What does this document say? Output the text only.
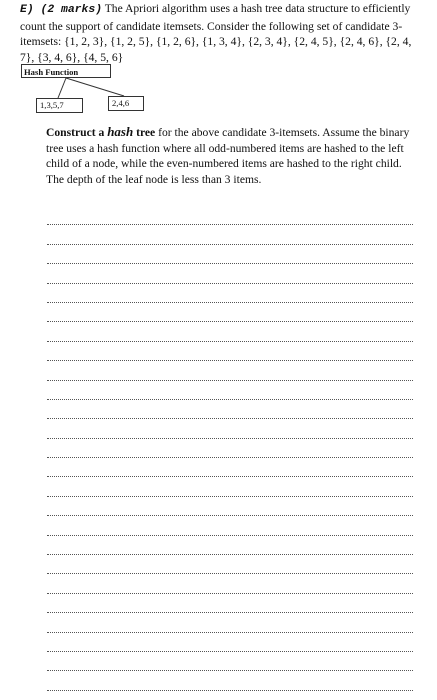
E) (2 marks) The Apriori algorithm uses a hash tree data structure to efficiently count the support of candidate itemsets. Consider the following set of candidate 3-itemsets: {1, 2, 3}, {1, 2, 5}, {1, 2, 6}, {1, 3, 4}, {2, 3, 4}, {2, 4, 5}, {2, 4, 6}, {2, 4, 7}, {3, 4, 6}, {4, 5, 6}
Hash Function
1,3,5,7	2,4,6
Construct a hash tree for the above candidate 3-itemsets. Assume the binary tree uses a hash function where all odd-numbered items are hashed to the left child of a node, while the even-numbered items are hashed to the right child. The depth of the leaf node is less than 3 items.
